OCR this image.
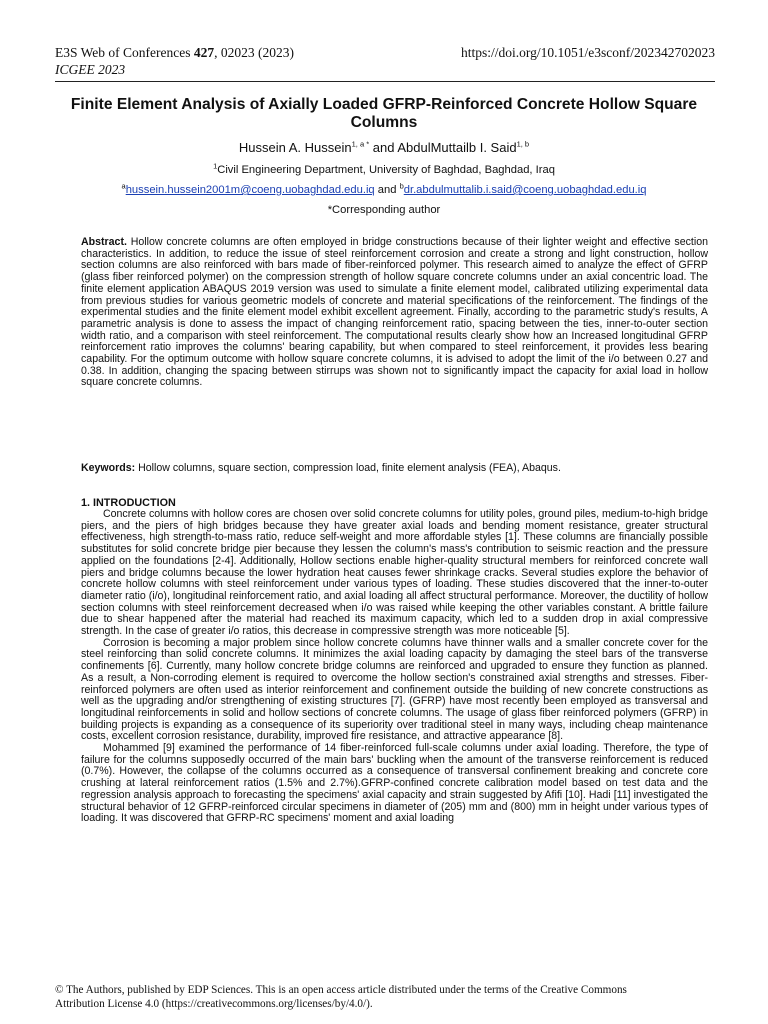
E3S Web of Conferences 427, 02023 (2023)	https://doi.org/10.1051/e3sconf/202342702023
ICGEE 2023
Finite Element Analysis of Axially Loaded GFRP-Reinforced Concrete Hollow Square Columns
Hussein A. Hussein$^{1, a *}$ and AbdulMuttailb I. Said$^{1, b}$
$^1$Civil Engineering Department, University of Baghdad, Baghdad, Iraq
$^a$hussein.hussein2001m@coeng.uobaghdad.edu.iq and $^b$dr.abdulmuttalib.i.said@coeng.uobaghdad.edu.iq
*Corresponding author
Abstract. Hollow concrete columns are often employed in bridge constructions because of their lighter weight and effective section characteristics. In addition, to reduce the issue of steel reinforcement corrosion and create a strong and light construction, hollow section columns are also reinforced with bars made of fiber-reinforced polymer. This research aimed to analyze the effect of GFRP (glass fiber reinforced polymer) on the compression strength of hollow square concrete columns under an axial concentric load. The finite element application ABAQUS 2019 version was used to simulate a finite element model, calibrated utilizing experimental data from previous studies for various geometric models of concrete and material specifications of the reinforcement. The findings of the experimental studies and the finite element model exhibit excellent agreement. Finally, according to the parametric study's results, A parametric analysis is done to assess the impact of changing reinforcement ratio, spacing between the ties, inner-to-outer section width ratio, and a comparison with steel reinforcement. The computational results clearly show how an Increased longitudinal GFRP reinforcement ratio improves the columns' bearing capability, but when compared to steel reinforcement, it provides less bearing capability. For the optimum outcome with hollow square concrete columns, it is advised to adopt the limit of the i/o between 0.27 and 0.38. In addition, changing the spacing between stirrups was shown not to significantly impact the capacity for axial load in hollow square concrete columns.
Keywords: Hollow columns, square section, compression load, finite element analysis (FEA), Abaqus.
1. INTRODUCTION

Concrete columns with hollow cores are chosen over solid concrete columns for utility poles, ground piles, medium-to-high bridge piers, and the piers of high bridges because they have greater axial loads and bending moment resistance, greater structural effectiveness, high strength-to-mass ratio, reduce self-weight and more affordable styles [1]. These columns are financially possible substitutes for solid concrete bridge pier because they lessen the column's mass's contribution to seismic reaction and the pressure applied on the foundations [2-4]. Additionally, Hollow sections enable higher-quality structural members for reinforced concrete wall piers and bridge columns because the lower hydration heat causes fewer shrinkage cracks. Several studies explore the behavior of concrete hollow columns with steel reinforcement under various types of loading. These studies discovered that the inner-to-outer diameter ratio (i/o), longitudinal reinforcement ratio, and axial loading all affect structural performance. Moreover, the ductility of hollow section columns with steel reinforcement decreased when i/o was raised while keeping the other variables constant. A brittle failure due to shear happened after the material had reached its maximum capacity, which led to a sudden drop in axial compressive strength. In the case of greater i/o ratios, this decrease in compressive strength was more noticeable [5].

Corrosion is becoming a major problem since hollow concrete columns have thinner walls and a smaller concrete cover for the steel reinforcing than solid concrete columns. It minimizes the axial loading capacity by damaging the steel bars of the transverse confinements [6]. Currently, many hollow concrete bridge columns are reinforced and upgraded to ensure they function as planned. As a result, a Non-corroding element is required to overcome the hollow section's constrained axial strengths and stresses. Fiber-reinforced polymers are often used as interior reinforcement and confinement outside the building of new concrete constructions as well as the upgrading and/or strengthening of existing structures [7]. (GFRP) have most recently been employed as transversal and longitudinal reinforcements in solid and hollow sections of concrete columns. The usage of glass fiber reinforced polymers (GFRP) in building projects is expanding as a consequence of its superiority over traditional steel in many ways, including cheap maintenance costs, excellent corrosion resistance, durability, improved fire resistance, and attractive appearance [8].

Mohammed [9] examined the performance of 14 fiber-reinforced full-scale columns under axial loading. Therefore, the type of failure for the columns supposedly occurred of the main bars' buckling when the amount of the transverse reinforcement is reduced (0.7%). However, the collapse of the columns occurred as a consequence of transversal confinement breaking and concrete core crushing at lateral reinforcement ratios (1.5% and 2.7%).GFRP-confined concrete calibration model based on test data and the regression analysis approach to forecasting the specimens' axial capacity and strain suggested by Afifi [10]. Hadi [11] investigated the structural behavior of 12 GFRP-reinforced circular specimens in diameter of (205) mm and (800) mm in height under various types of loading. It was discovered that GFRP-RC specimens' moment and axial loading

© The Authors, published by EDP Sciences. This is an open access article distributed under the terms of the Creative Commons
Attribution License 4.0 (https://creativecommons.org/licenses/by/4.0/).
